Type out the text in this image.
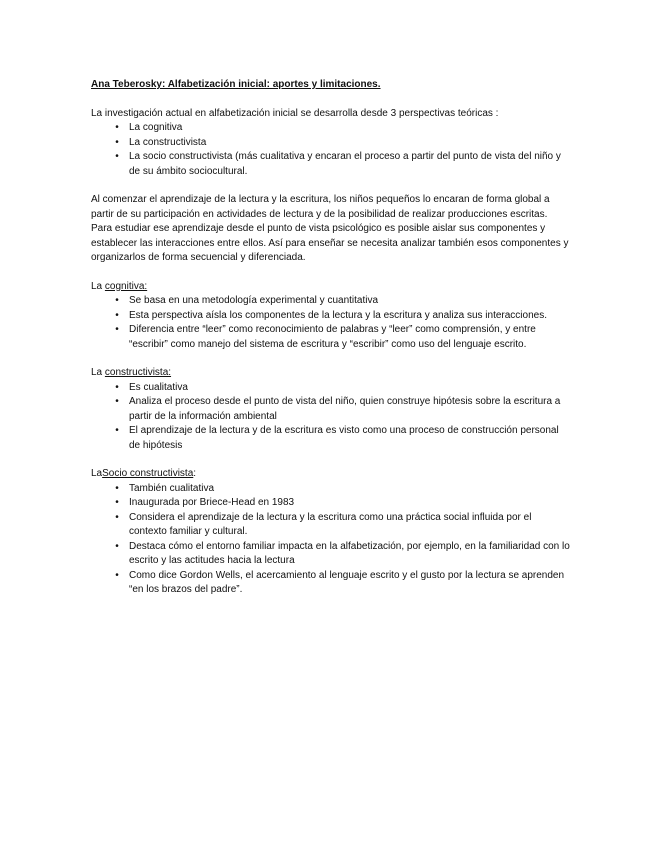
Ana Teberosky: Alfabetización inicial: aportes y limitaciones.

La investigación actual en alfabetización inicial se desarrolla desde 3 perspectivas teóricas :

•	La cognitiva
•	La constructivista
•	La socio constructivista (más cualitativa y encaran el proceso a partir del punto de vista del niño y de su ámbito sociocultural.

Al comenzar el aprendizaje de la lectura y la escritura, los niños pequeños lo encaran de forma global a partir de su participación en actividades de lectura y de la posibilidad de realizar producciones escritas. Para estudiar ese aprendizaje desde el punto de vista psicológico es posible aislar sus componentes y establecer las interacciones entre ellos. Así para enseñar se necesita analizar también esos componentes y organizarlos de forma secuencial y diferenciada.

La cognitiva:

•	Se basa en una metodología experimental y cuantitativa
•	Esta perspectiva aísla los componentes de la lectura y la escritura y analiza sus interacciones.
•	Diferencia entre “leer” como reconocimiento de palabras y “leer” como comprensión, y entre “escribir” como manejo del sistema de escritura y “escribir” como uso del lenguaje escrito.

La constructivista:

•	Es cualitativa
•	Analiza el proceso desde el punto de vista del niño, quien construye hipótesis sobre la escritura a partir de la información ambiental
•	El aprendizaje de la lectura y de la escritura es visto como una proceso de construcción personal de hipótesis

LaSocio constructivista:

•	También cualitativa
•	Inaugurada por Briece-Head en 1983
•	Considera el aprendizaje de la lectura y la escritura como una práctica social influida por el contexto familiar y cultural.
•	Destaca cómo el entorno familiar impacta en la alfabetización, por ejemplo, en la familiaridad con lo escrito y las actitudes hacia la lectura
•	Como dice Gordon Wells, el acercamiento al lenguaje escrito y el gusto por la lectura se aprenden “en los brazos del padre”.
